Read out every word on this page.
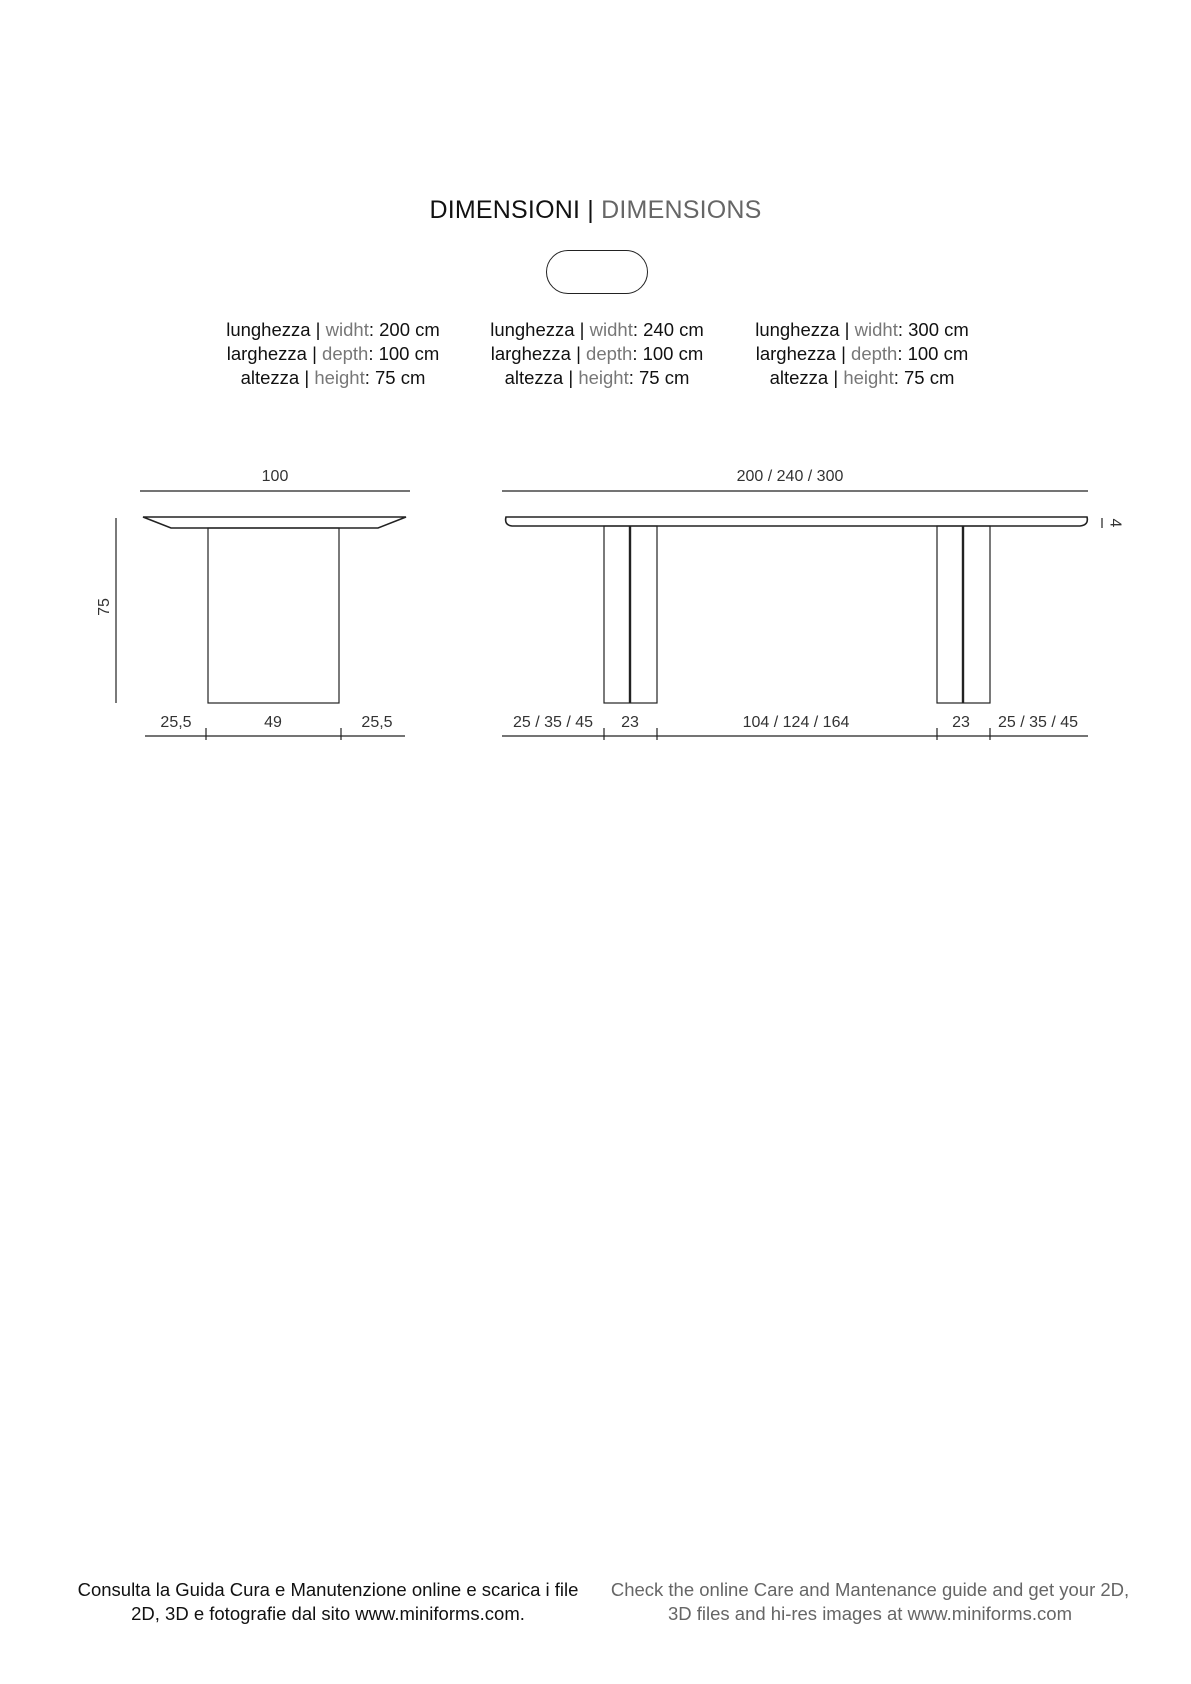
DIMENSIONI | DIMENSIONS
lunghezza | widht: 200 cm
larghezza | depth: 100 cm
altezza | height: 75 cm
lunghezza | widht: 240 cm
larghezza | depth: 100 cm
altezza | height: 75 cm
lunghezza | widht: 300 cm
larghezza | depth: 100 cm
altezza | height: 75 cm
100
75
25,5	49	25,5
200 / 240 / 300
4
25 / 35 / 45 23	104 / 124 / 164	23 25 / 35 / 45
Consulta la Guida Cura e Manutenzione online e scarica i file 2D, 3D e fotografie dal sito www.miniforms.com.
Check the online Care and Mantenance guide and get your 2D, 3D files and hi-res images at www.miniforms.com
